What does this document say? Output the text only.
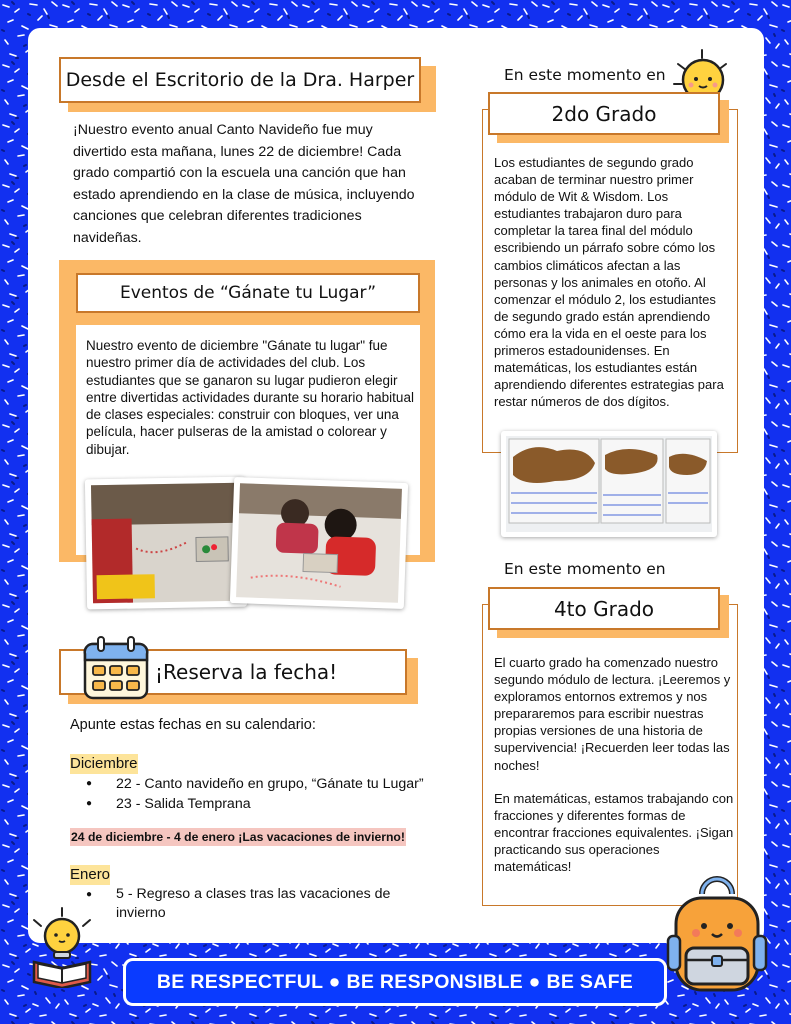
Desde el Escritorio de la Dra. Harper
¡Nuestro evento anual Canto Navideño fue muy divertido esta mañana, lunes 22 de diciembre! Cada grado compartió con la escuela una canción que han estado aprendiendo en la clase de música, incluyendo canciones que celebran diferentes tradiciones navideñas.
Eventos de “Gánate tu Lugar”
Nuestro evento de diciembre "Gánate tu lugar" fue nuestro primer día de actividades del club. Los estudiantes que se ganaron su lugar pudieron elegir entre divertidas actividades durante su horario habitual de clases especiales: construir con bloques, ver una película, hacer pulseras de la amistad o colorear y dibujar.
¡Reserva la fecha!
Apunte estas fechas en su calendario:
Diciembre
● 22 - Canto navideño en grupo, “Gánate tu Lugar”
● 23 - Salida Temprana
24 de diciembre - 4 de enero ¡Las vacaciones de invierno!
Enero
● 5 - Regreso a clases tras las vacaciones de invierno
En este momento en
2do Grado
Los estudiantes de segundo grado acaban de terminar nuestro primer módulo de Wit & Wisdom. Los estudiantes trabajaron duro para completar la tarea final del módulo escribiendo un párrafo sobre cómo los cambios climáticos afectan a las personas y los animales en otoño. Al comenzar el módulo 2, los estudiantes de segundo grado están aprendiendo cómo era la vida en el oeste para los primeros estadounidenses. En matemáticas, los estudiantes están aprendiendo diferentes estrategias para restar números de dos dígitos.
En este momento en
4to Grado
El cuarto grado ha comenzado nuestro segundo módulo de lectura. ¡Leeremos y exploramos entornos extremos y nos prepararemos para escribir nuestras propias versiones de una historia de supervivencia! ¡Recuerden leer todas las noches!
En matemáticas, estamos trabajando con fracciones y diferentes formas de encontrar fracciones equivalentes. ¡Sigan practicando sus operaciones matemáticas!
BE RESPECTFUL ● BE RESPONSIBLE ● BE SAFE
